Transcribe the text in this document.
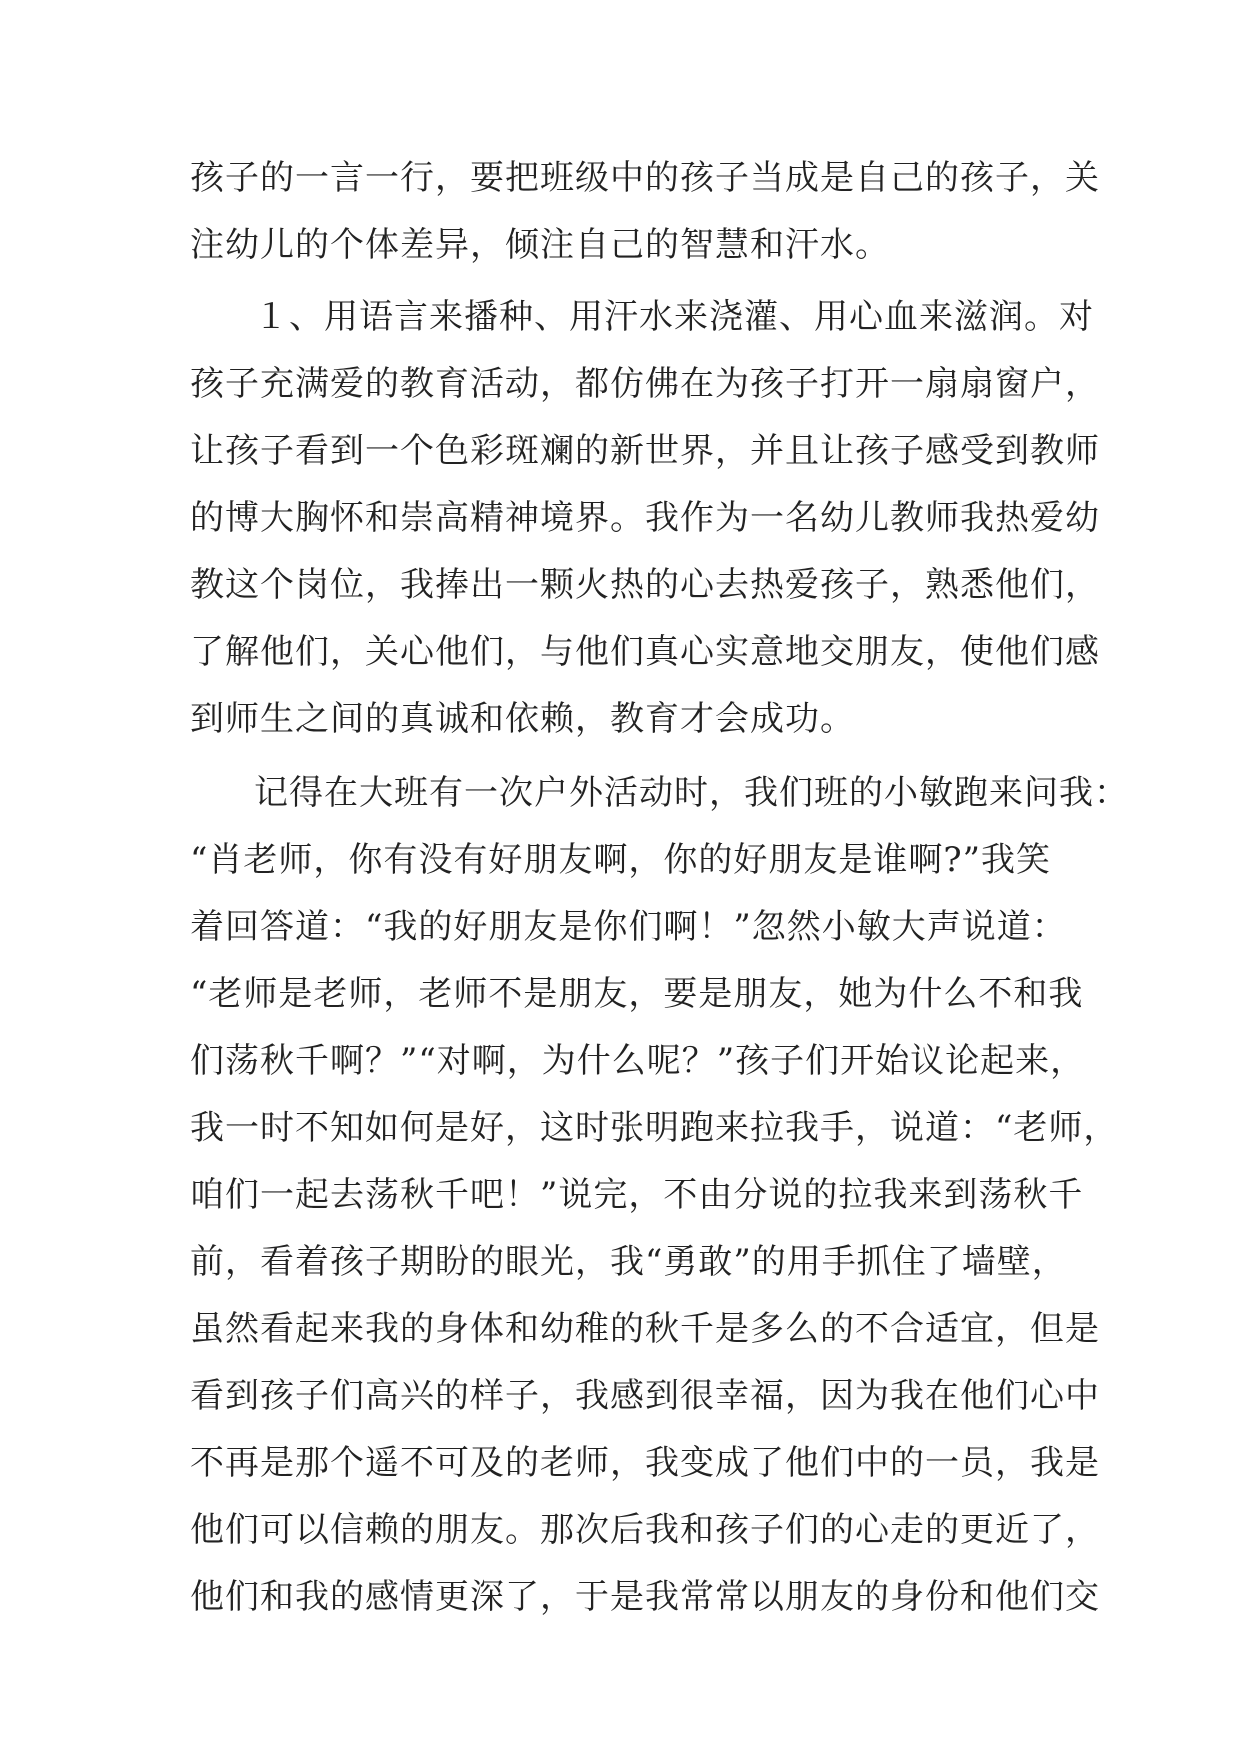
孩子的一言一行，要把班级中的孩子当成是自己的孩子，关
注幼儿的个体差异，倾注自己的智慧和汗水。
１、用语言来播种、用汗水来浇灌、用心血来滋润。对
孩子充满爱的教育活动，都仿佛在为孩子打开一扇扇窗户，
让孩子看到一个色彩斑斓的新世界，并且让孩子感受到教师
的博大胸怀和崇高精神境界。我作为一名幼儿教师我热爱幼
教这个岗位，我捧出一颗火热的心去热爱孩子，熟悉他们，
了解他们，关心他们，与他们真心实意地交朋友，使他们感
到师生之间的真诚和依赖，教育才会成功。
记得在大班有一次户外活动时，我们班的小敏跑来问我：
“肖老师，你有没有好朋友啊，你的好朋友是谁啊?”我笑
着回答道：“我的好朋友是你们啊！”忽然小敏大声说道：
“老师是老师，老师不是朋友，要是朋友，她为什么不和我
们荡秋千啊？”“对啊，为什么呢？”孩子们开始议论起来，
我一时不知如何是好，这时张明跑来拉我手，说道：“老师，
咱们一起去荡秋千吧！”说完，不由分说的拉我来到荡秋千
前，看着孩子期盼的眼光，我“勇敢”的用手抓住了墙壁，
虽然看起来我的身体和幼稚的秋千是多么的不合适宜，但是
看到孩子们高兴的样子，我感到很幸福，因为我在他们心中
不再是那个遥不可及的老师，我变成了他们中的一员，我是
他们可以信赖的朋友。那次后我和孩子们的心走的更近了，
他们和我的感情更深了，于是我常常以朋友的身份和他们交
